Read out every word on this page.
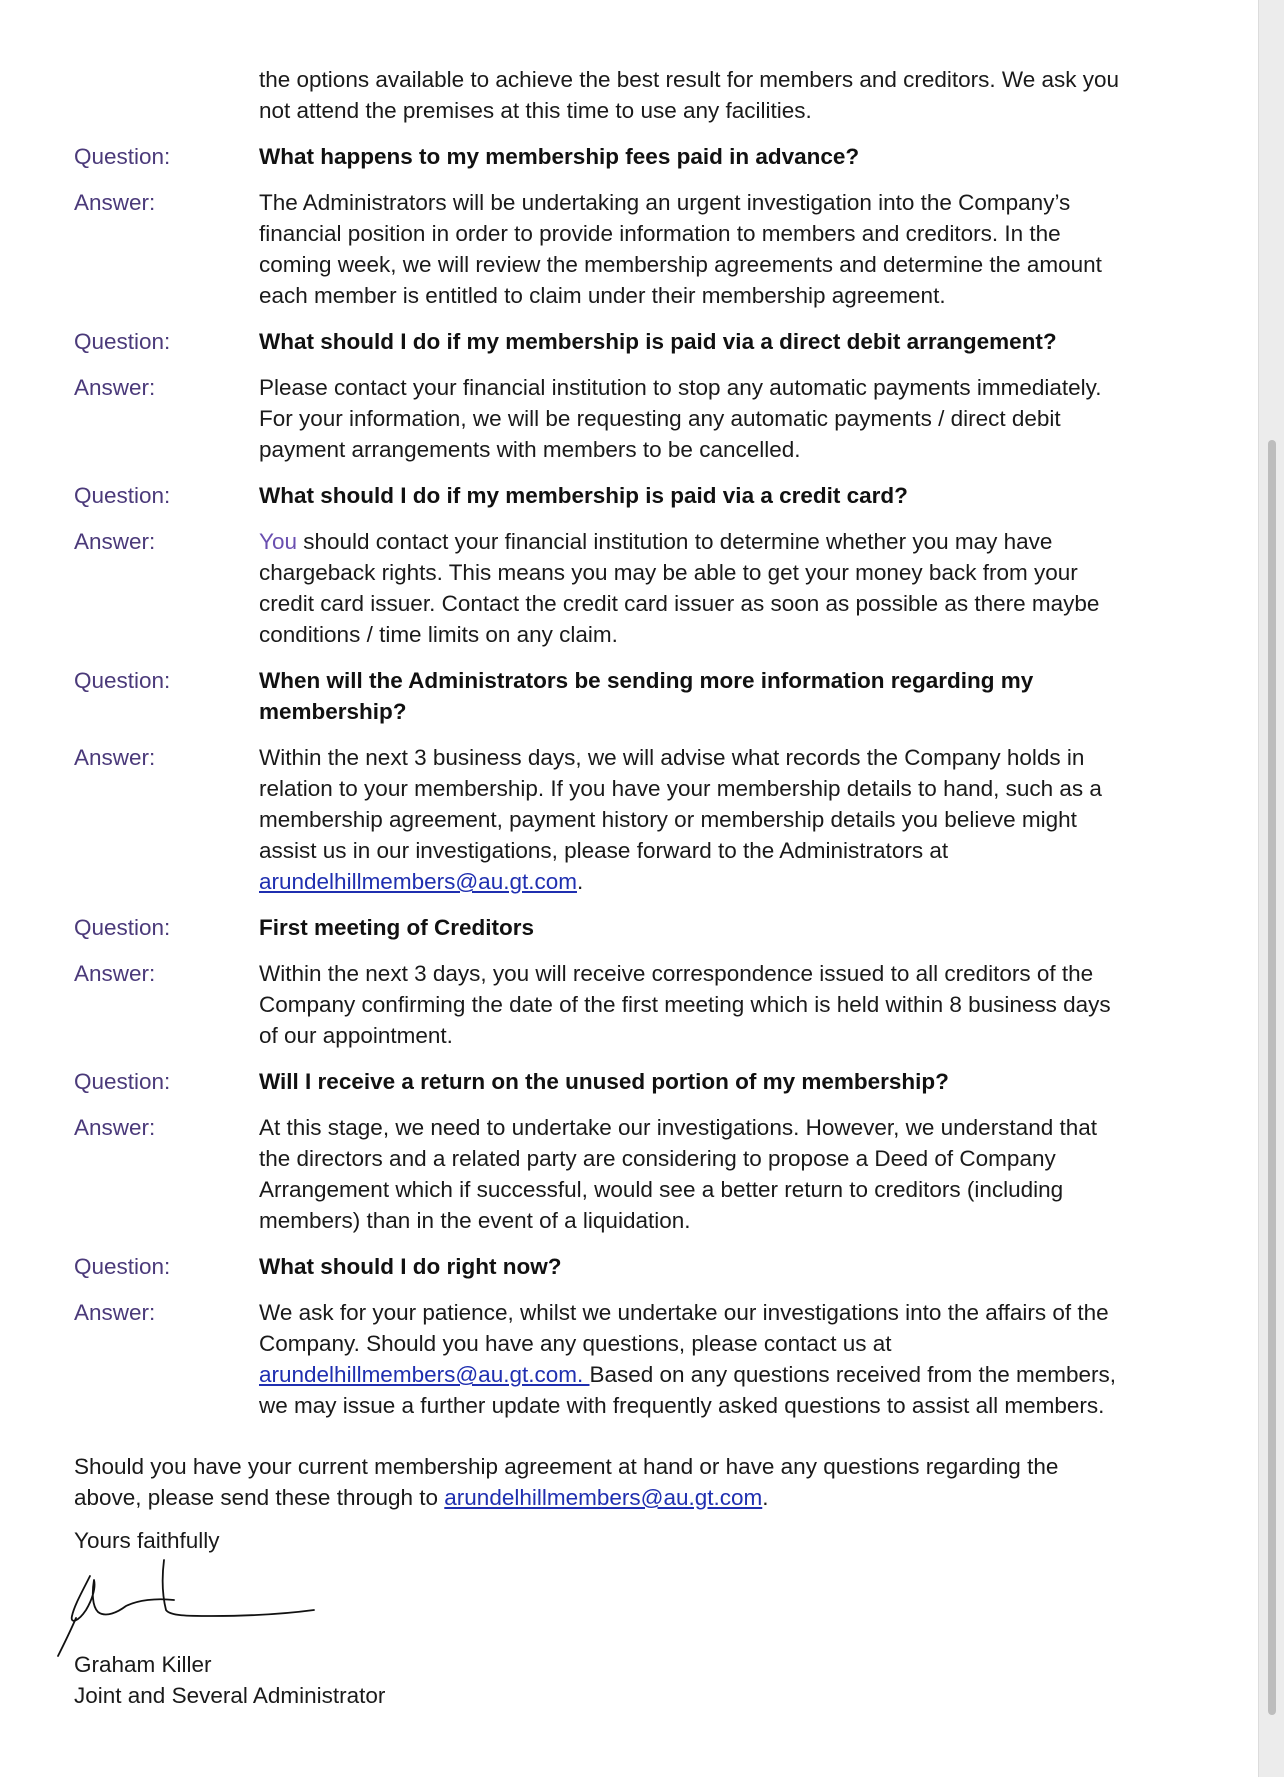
the options available to achieve the best result for members and creditors. We ask you not attend the premises at this time to use any facilities.
Question:	What happens to my membership fees paid in advance?
Answer:	The Administrators will be undertaking an urgent investigation into the Company’s financial position in order to provide information to members and creditors. In the coming week, we will review the membership agreements and determine the amount each member is entitled to claim under their membership agreement.
Question:	What should I do if my membership is paid via a direct debit arrangement?
Answer:	Please contact your financial institution to stop any automatic payments immediately. For your information, we will be requesting any automatic payments / direct debit payment arrangements with members to be cancelled.
Question:	What should I do if my membership is paid via a credit card?
Answer:	You should contact your financial institution to determine whether you may have chargeback rights. This means you may be able to get your money back from your credit card issuer. Contact the credit card issuer as soon as possible as there maybe conditions / time limits on any claim.
Question:	When will the Administrators be sending more information regarding my membership?
Answer:	Within the next 3 business days, we will advise what records the Company holds in relation to your membership. If you have your membership details to hand, such as a membership agreement, payment history or membership details you believe might assist us in our investigations, please forward to the Administrators at arundelhillmembers@au.gt.com.
Question:	First meeting of Creditors
Answer:	Within the next 3 days, you will receive correspondence issued to all creditors of the Company confirming the date of the first meeting which is held within 8 business days of our appointment.
Question:	Will I receive a return on the unused portion of my membership?
Answer:	At this stage, we need to undertake our investigations. However, we understand that the directors and a related party are considering to propose a Deed of Company Arrangement which if successful, would see a better return to creditors (including members) than in the event of a liquidation.
Question:	What should I do right now?
Answer:	We ask for your patience, whilst we undertake our investigations into the affairs of the Company. Should you have any questions, please contact us at arundelhillmembers@au.gt.com. Based on any questions received from the members, we may issue a further update with frequently asked questions to assist all members.
Should you have your current membership agreement at hand or have any questions regarding the above, please send these through to arundelhillmembers@au.gt.com.
Yours faithfully
Graham Killer
Joint and Several Administrator
